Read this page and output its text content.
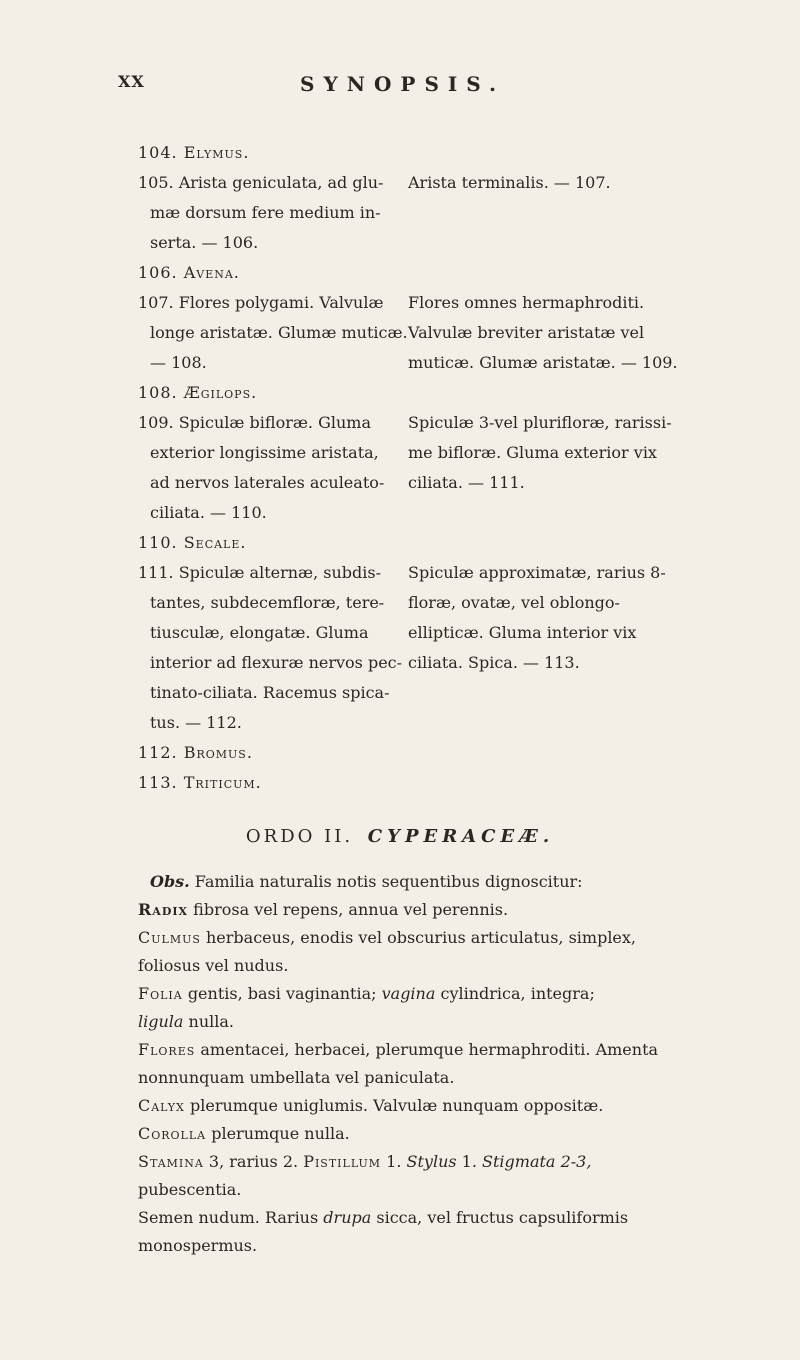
XX	SYNOPSIS.
104. Elymus.
105. Arista geniculata, ad glu-
mæ dorsum fere medium in-
serta. — 106.
106. Avena.
107. Flores polygami. Valvulæ
longe aristatæ. Glumæ muticæ.
— 108.
108. Ægilops.
109. Spiculæ bifloræ. Gluma
exterior longissime aristata,
ad nervos laterales aculeato-
ciliata. — 110.
110. Secale.
111. Spiculæ alternæ, subdis-
tantes, subdecemfloræ, tere-
tiusculæ, elongatæ. Gluma
interior ad flexuræ nervos pec-
tinato-ciliata. Racemus spica-
tus. — 112.
112. Bromus.
113. Triticum.
Arista terminalis. — 107.
Flores omnes hermaphroditi.
Valvulæ breviter aristatæ vel
muticæ. Glumæ aristatæ. — 109.
Spiculæ 3-vel plurifloræ, rarissi-
me bifloræ. Gluma exterior vix
ciliata. — 111.
Spiculæ approximatæ, rarius 8-
floræ, ovatæ, vel oblongo-
ellipticæ. Gluma interior vix
ciliata. Spica. — 113.
ORDO II. CYPERACEÆ.
Obs. Familia naturalis notis sequentibus dignoscitur:
Radix fibrosa vel repens, annua vel perennis.
Culmus herbaceus, enodis vel obscurius articulatus, simplex,
foliosus vel nudus.
Folia gentis, basi vaginantia; vagina cylindrica, integra;
ligula nulla.
Flores amentacei, herbacei, plerumque hermaphroditi. Amenta
nonnunquam umbellata vel paniculata.
Calyx plerumque uniglumis. Valvulæ nunquam oppositæ.
Corolla plerumque nulla.
Stamina 3, rarius 2. Pistillum 1. Stylus 1. Stigmata 2-3,
pubescentia.
Semen nudum. Rarius drupa sicca, vel fructus capsuliformis
monospermus.
